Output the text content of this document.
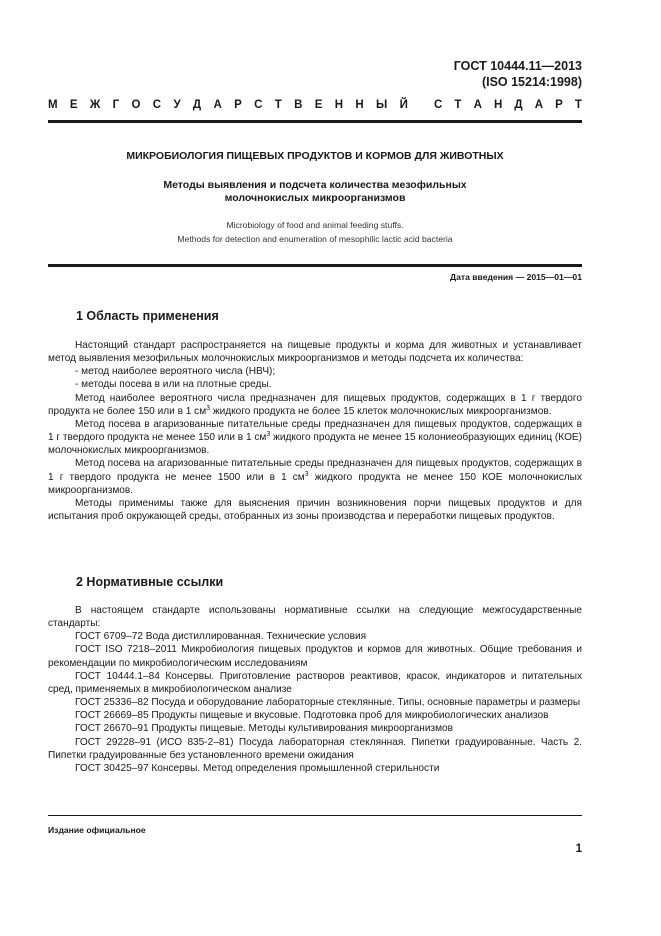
ГОСТ 10444.11—2013
(ISO 15214:1998)
М Е Ж Г О С У Д А Р С Т В Е Н Н Ы Й С Т А Н Д А Р Т
МИКРОБИОЛОГИЯ ПИЩЕВЫХ ПРОДУКТОВ И КОРМОВ ДЛЯ ЖИВОТНЫХ
Методы выявления и подсчета количества мезофильных
молочнокислых микроорганизмов
Microbiology of food and animal feeding stuffs.
Methods for detection and enumeration of mesophilic lactic acid bacteria
Дата введения — 2015—01—01
1 Область применения

Настоящий стандарт распространяется на пищевые продукты и корма для животных и устанавливает метод выявления мезофильных молочнокислых микроорганизмов и методы подсчета их количества:

- метод наиболее вероятного числа (НВЧ);

- методы посева в или на плотные среды.

Метод наиболее вероятного числа предназначен для пищевых продуктов, содержащих в 1 г твердого продукта не более 150 или в 1 $см^3$ жидкого продукта не более 15 клеток молочнокислых микроорганизмов.

Метод посева в агаризованные питательные среды предназначен для пищевых продуктов, содержащих в 1 г твердого продукта не менее 150 или в 1 $см^3$ жидкого продукта не менее 15 колониеобразующих единиц (КОЕ) молочнокислых микроорганизмов.

Метод посева на агаризованные питательные среды предназначен для пищевых продуктов, содержащих в 1 г твердого продукта не менее 1500 или в 1 $см^3$ жидкого продукта не менее 150 КОЕ молочнокислых микроорганизмов.

Методы применимы также для выяснения причин возникновения порчи пищевых продуктов и для испытания проб окружающей среды, отобранных из зоны производства и переработки пищевых продуктов.

2 Нормативные ссылки

В настоящем стандарте использованы нормативные ссылки на следующие межгосударственные стандарты:

ГОСТ 6709–72 Вода дистиллированная. Технические условия

ГОСТ ISO 7218–2011 Микробиология пищевых продуктов и кормов для животных. Общие требования и рекомендации по микробиологическим исследованиям

ГОСТ 10444.1–84 Консервы. Приготовление растворов реактивов, красок, индикаторов и питательных сред, применяемых в микробиологическом анализе

ГОСТ 25336–82 Посуда и оборудование лабораторные стеклянные. Типы, основные параметры и размеры

ГОСТ 26669–85 Продукты пищевые и вкусовые. Подготовка проб для микробиологических анализов

ГОСТ 26670–91 Продукты пищевые. Методы культивирования микроорганизмов

ГОСТ 29228–91 (ИСО 835-2–81) Посуда лабораторная стеклянная. Пипетки градуированные. Часть 2. Пипетки градуированные без установленного времени ожидания

ГОСТ 30425–97 Консервы. Метод определения промышленной стерильности

Издание официальное
1
